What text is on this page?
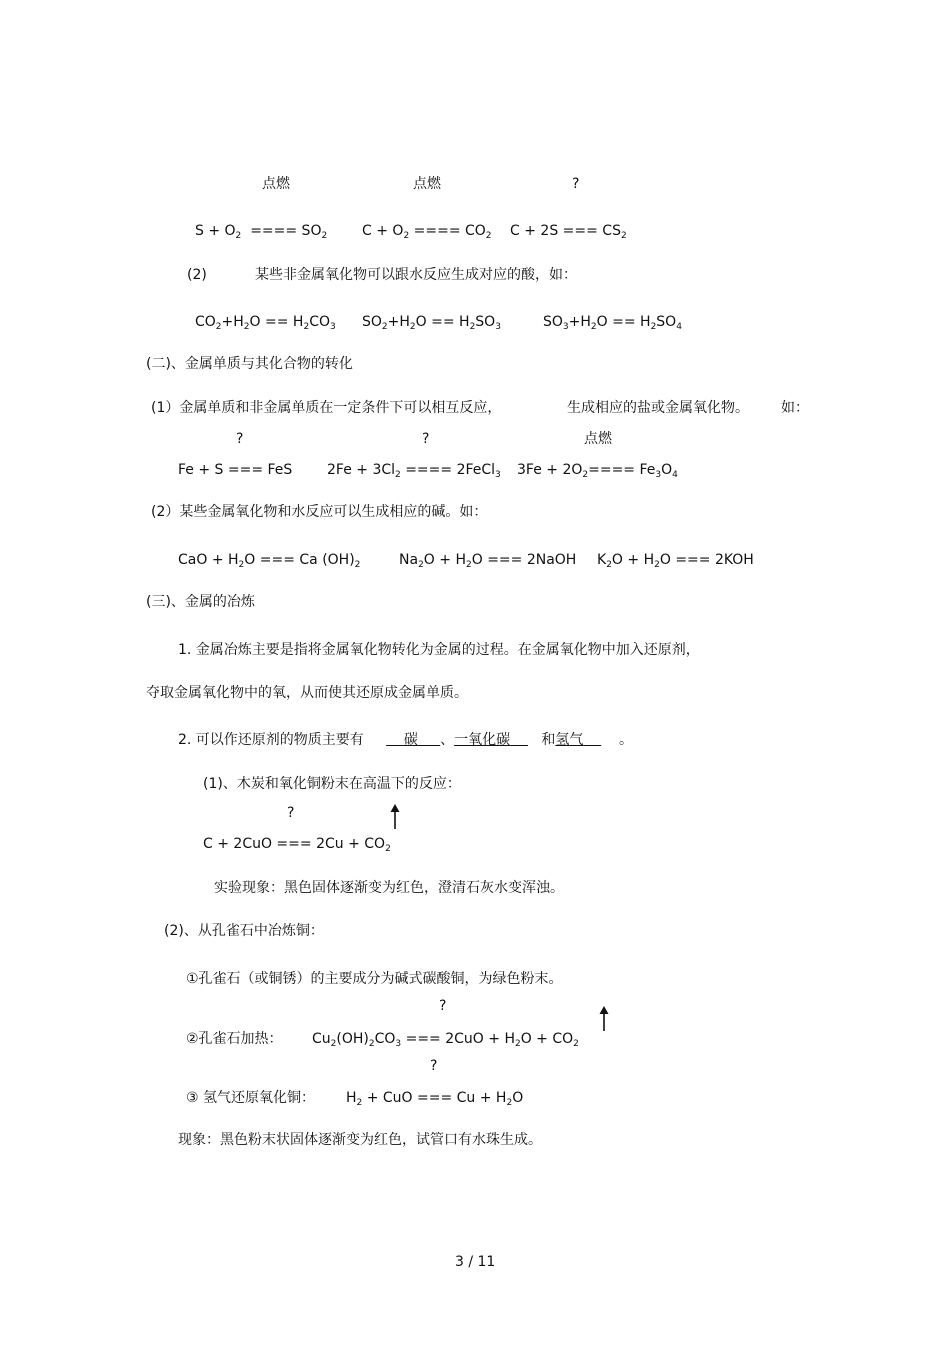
点燃	点燃	?
$S + O_2$ ==== $SO_2$ $C + O_2$ ==== $CO_2$ C + 2S === $CS_2$
(2)	某些非金属氧化物可以跟水反应生成对应的酸，如：
$CO_2+H_2O == H_2CO_3$ $SO_2+H_2O == H_2SO_3$	$SO_3+H_2O == H_2SO_4$
(二)、金属单质与其化合物的转化
(1）金属单质和非金属单质在一定条件下可以相互反应，	生成相应的盐或金属氧化物。 如：
?	?	点燃
Fe + S === FeS $2Fe + 3Cl_2$ ==== 2FeCl$_3$ $3Fe + 2O_2==== Fe_3O_4$
(2）某些金属氧化物和水反应可以生成相应的碱。如：
CaO + $H_2O$ === Ca $(OH)_2$	$Na_2O + H_2O$ === 2NaOH $K_2O + H_2O$ === 2KOH
(三)、金属的冶炼
1. 金属冶炼主要是指将金属氧化物转化为金属的过程。在金属氧化物中加入还原剂，
夺取金属氧化物中的氧，从而使其还原成金属单质。
2. 可以作还原剂的物质主要有	碳 、一氧化碳 和氢气	。
(1)、木炭和氧化铜粉末在高温下的反应：
?
C + 2CuO === $2Cu + CO_2$
实验现象：黑色固体逐渐变为红色，澄清石灰水变浑浊。
(2)、从孔雀石中冶炼铜：
①孔雀石（或铜锈）的主要成分为碱式碳酸铜，为绿色粉末。
?
②孔雀石加热： $Cu_2(OH)_2CO_3$ === $2CuO + H_2O + CO_2$
?
③ 氢气还原氧化铜： $H_2$ + CuO === $Cu + H_2O$
现象：黑色粉末状固体逐渐变为红色，试管口有水珠生成。
3 / 11
